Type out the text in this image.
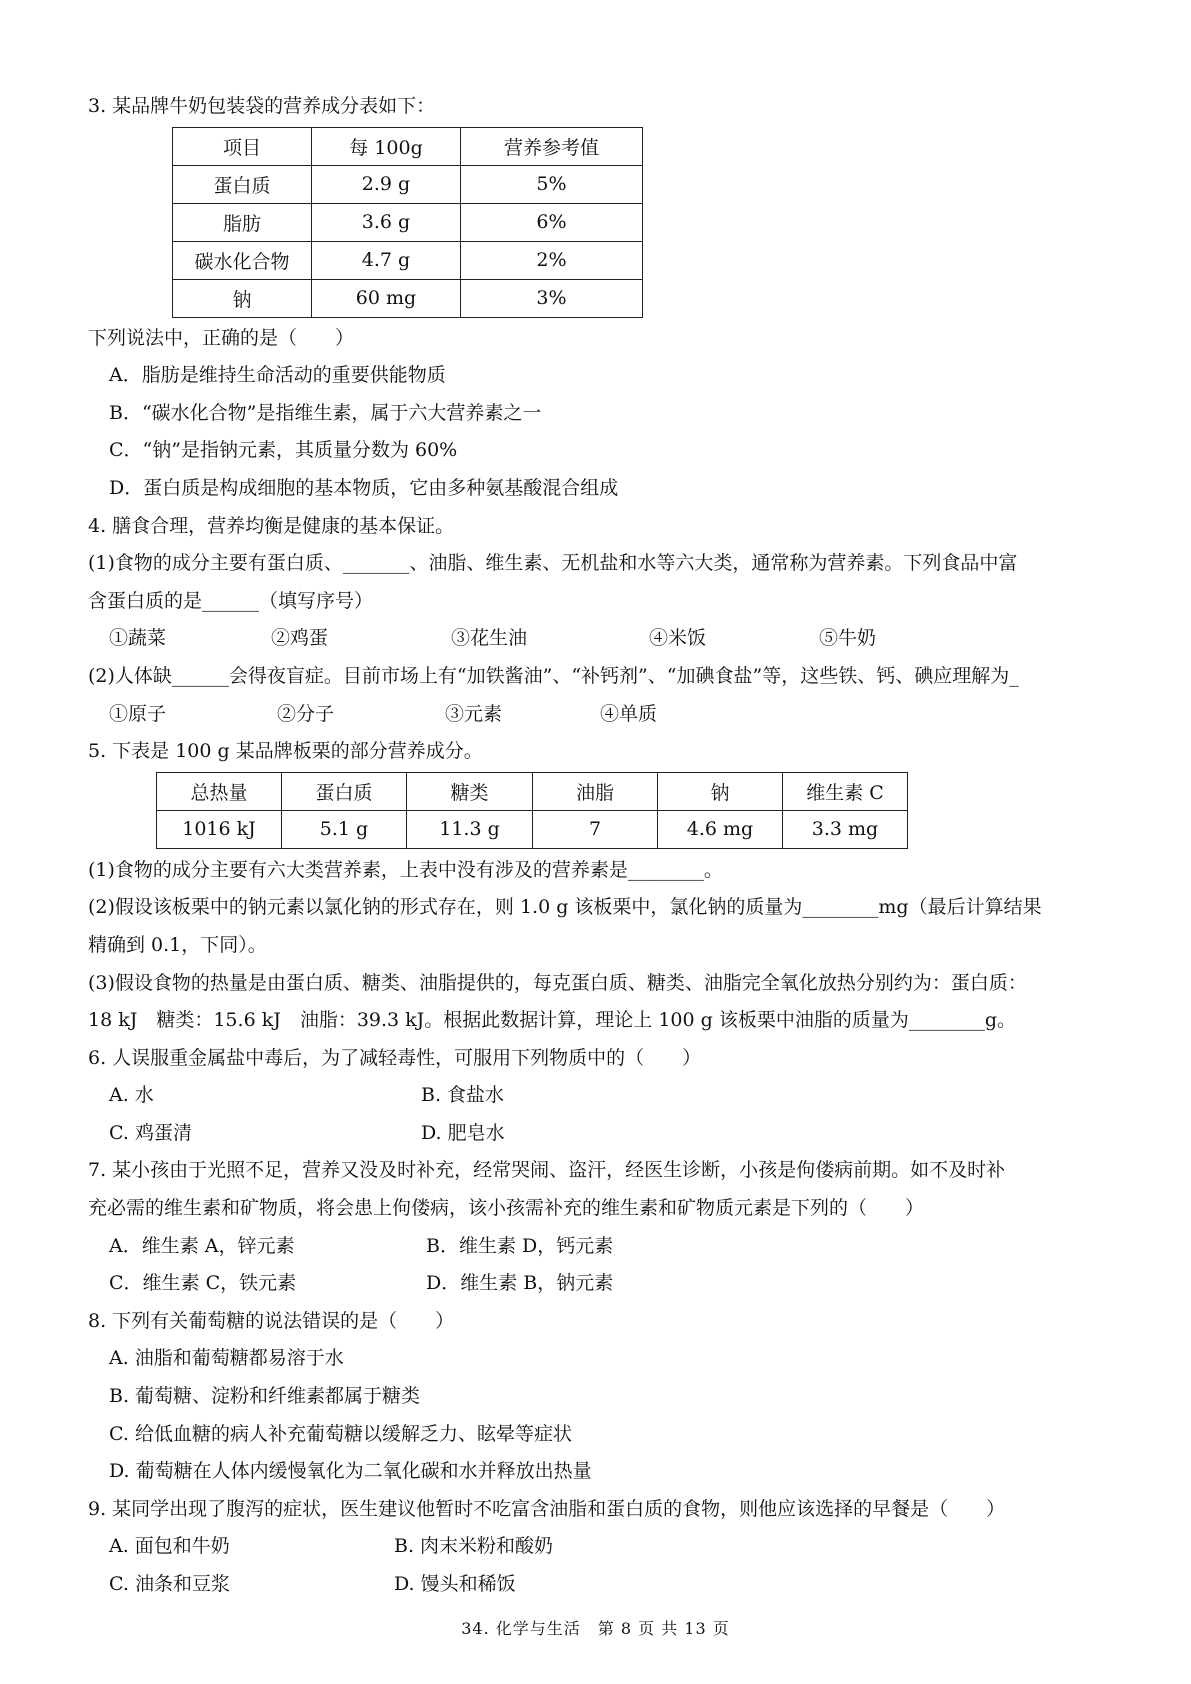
3. 某品牌牛奶包装袋的营养成分表如下：
项目	每 100g	营养参考值
蛋白质	2.9 g	5%
脂肪	3.6 g	6%
碳水化合物	4.7 g	2%
钠	60 mg	3%
下列说法中，正确的是（　　）
A．脂肪是维持生命活动的重要供能物质
B．“碳水化合物”是指维生素，属于六大营养素之一
C．“钠”是指钠元素，其质量分数为 60%
D．蛋白质是构成细胞的基本物质，它由多种氨基酸混合组成
4. 膳食合理，营养均衡是健康的基本保证。
(1)食物的成分主要有蛋白质、_______、油脂、维生素、无机盐和水等六大类，通常称为营养素。下列食品中富
含蛋白质的是______（填写序号）
①蔬菜	②鸡蛋	③花生油	④米饭	⑤牛奶
(2)人体缺______会得夜盲症。目前市场上有“加铁酱油”、“补钙剂”、“加碘食盐”等，这些铁、钙、碘应理解为_
①原子	②分子	③元素	④单质
5. 下表是 100 g 某品牌板栗的部分营养成分。
总热量	蛋白质	糖类	油脂	钠	维生素 C
1016 kJ	5.1 g	11.3 g	7	4.6 mg	3.3 mg
(1)食物的成分主要有六大类营养素，上表中没有涉及的营养素是________。
(2)假设该板栗中的钠元素以氯化钠的形式存在，则 1.0 g 该板栗中，氯化钠的质量为________mg（最后计算结果
精确到 0.1，下同）。
(3)假设食物的热量是由蛋白质、糖类、油脂提供的，每克蛋白质、糖类、油脂完全氧化放热分别约为：蛋白质：
18 kJ　糖类：15.6 kJ　油脂：39.3 kJ。根据此数据计算，理论上 100 g 该板栗中油脂的质量为________g。
6. 人误服重金属盐中毒后，为了减轻毒性，可服用下列物质中的（　　）
A. 水	B. 食盐水
C. 鸡蛋清	D. 肥皂水
7. 某小孩由于光照不足，营养又没及时补充，经常哭闹、盗汗，经医生诊断，小孩是佝偻病前期。如不及时补
充必需的维生素和矿物质，将会患上佝偻病，该小孩需补充的维生素和矿物质元素是下列的（　　）
A．维生素 A，锌元素	B．维生素 D，钙元素
C．维生素 C，铁元素	D．维生素 B，钠元素
8. 下列有关葡萄糖的说法错误的是（　　）
A. 油脂和葡萄糖都易溶于水
B. 葡萄糖、淀粉和纤维素都属于糖类
C. 给低血糖的病人补充葡萄糖以缓解乏力、眩晕等症状
D. 葡萄糖在人体内缓慢氧化为二氧化碳和水并释放出热量
9. 某同学出现了腹泻的症状，医生建议他暂时不吃富含油脂和蛋白质的食物，则他应该选择的早餐是（　　）
A. 面包和牛奶	B. 肉末米粉和酸奶
C. 油条和豆浆	D. 馒头和稀饭
34. 化学与生活　第 8 页 共 13 页
